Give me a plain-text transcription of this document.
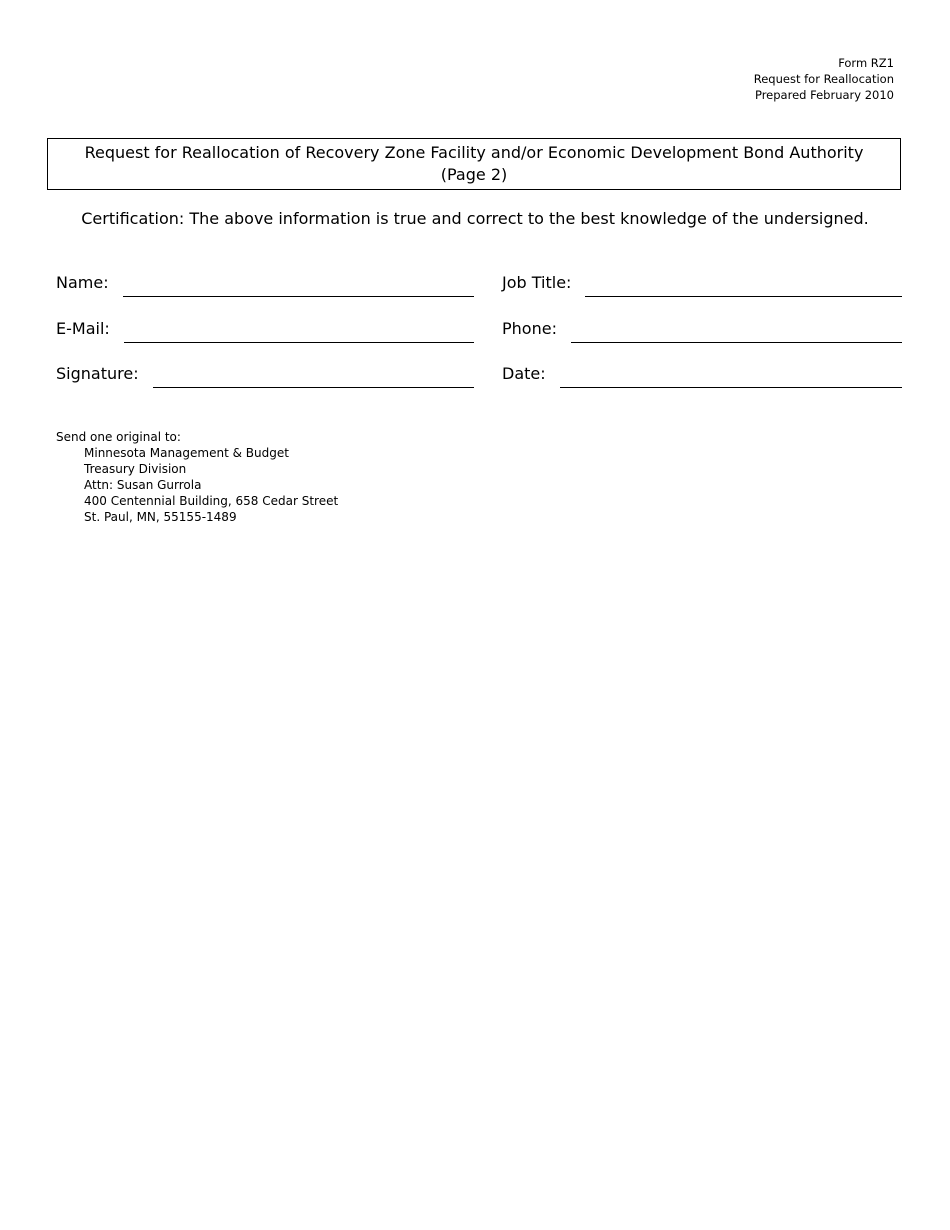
Form RZ1
Request for Reallocation
Prepared February 2010
Request for Reallocation of Recovery Zone Facility and/or Economic Development Bond Authority
(Page 2)
Certification: The above information is true and correct to the best knowledge of the undersigned.
Name:	Job Title:
E-Mail:	Phone:
Signature:	Date:
Send one original to:
Minnesota Management & Budget
Treasury Division
Attn: Susan Gurrola
400 Centennial Building, 658 Cedar Street
St. Paul, MN, 55155-1489
